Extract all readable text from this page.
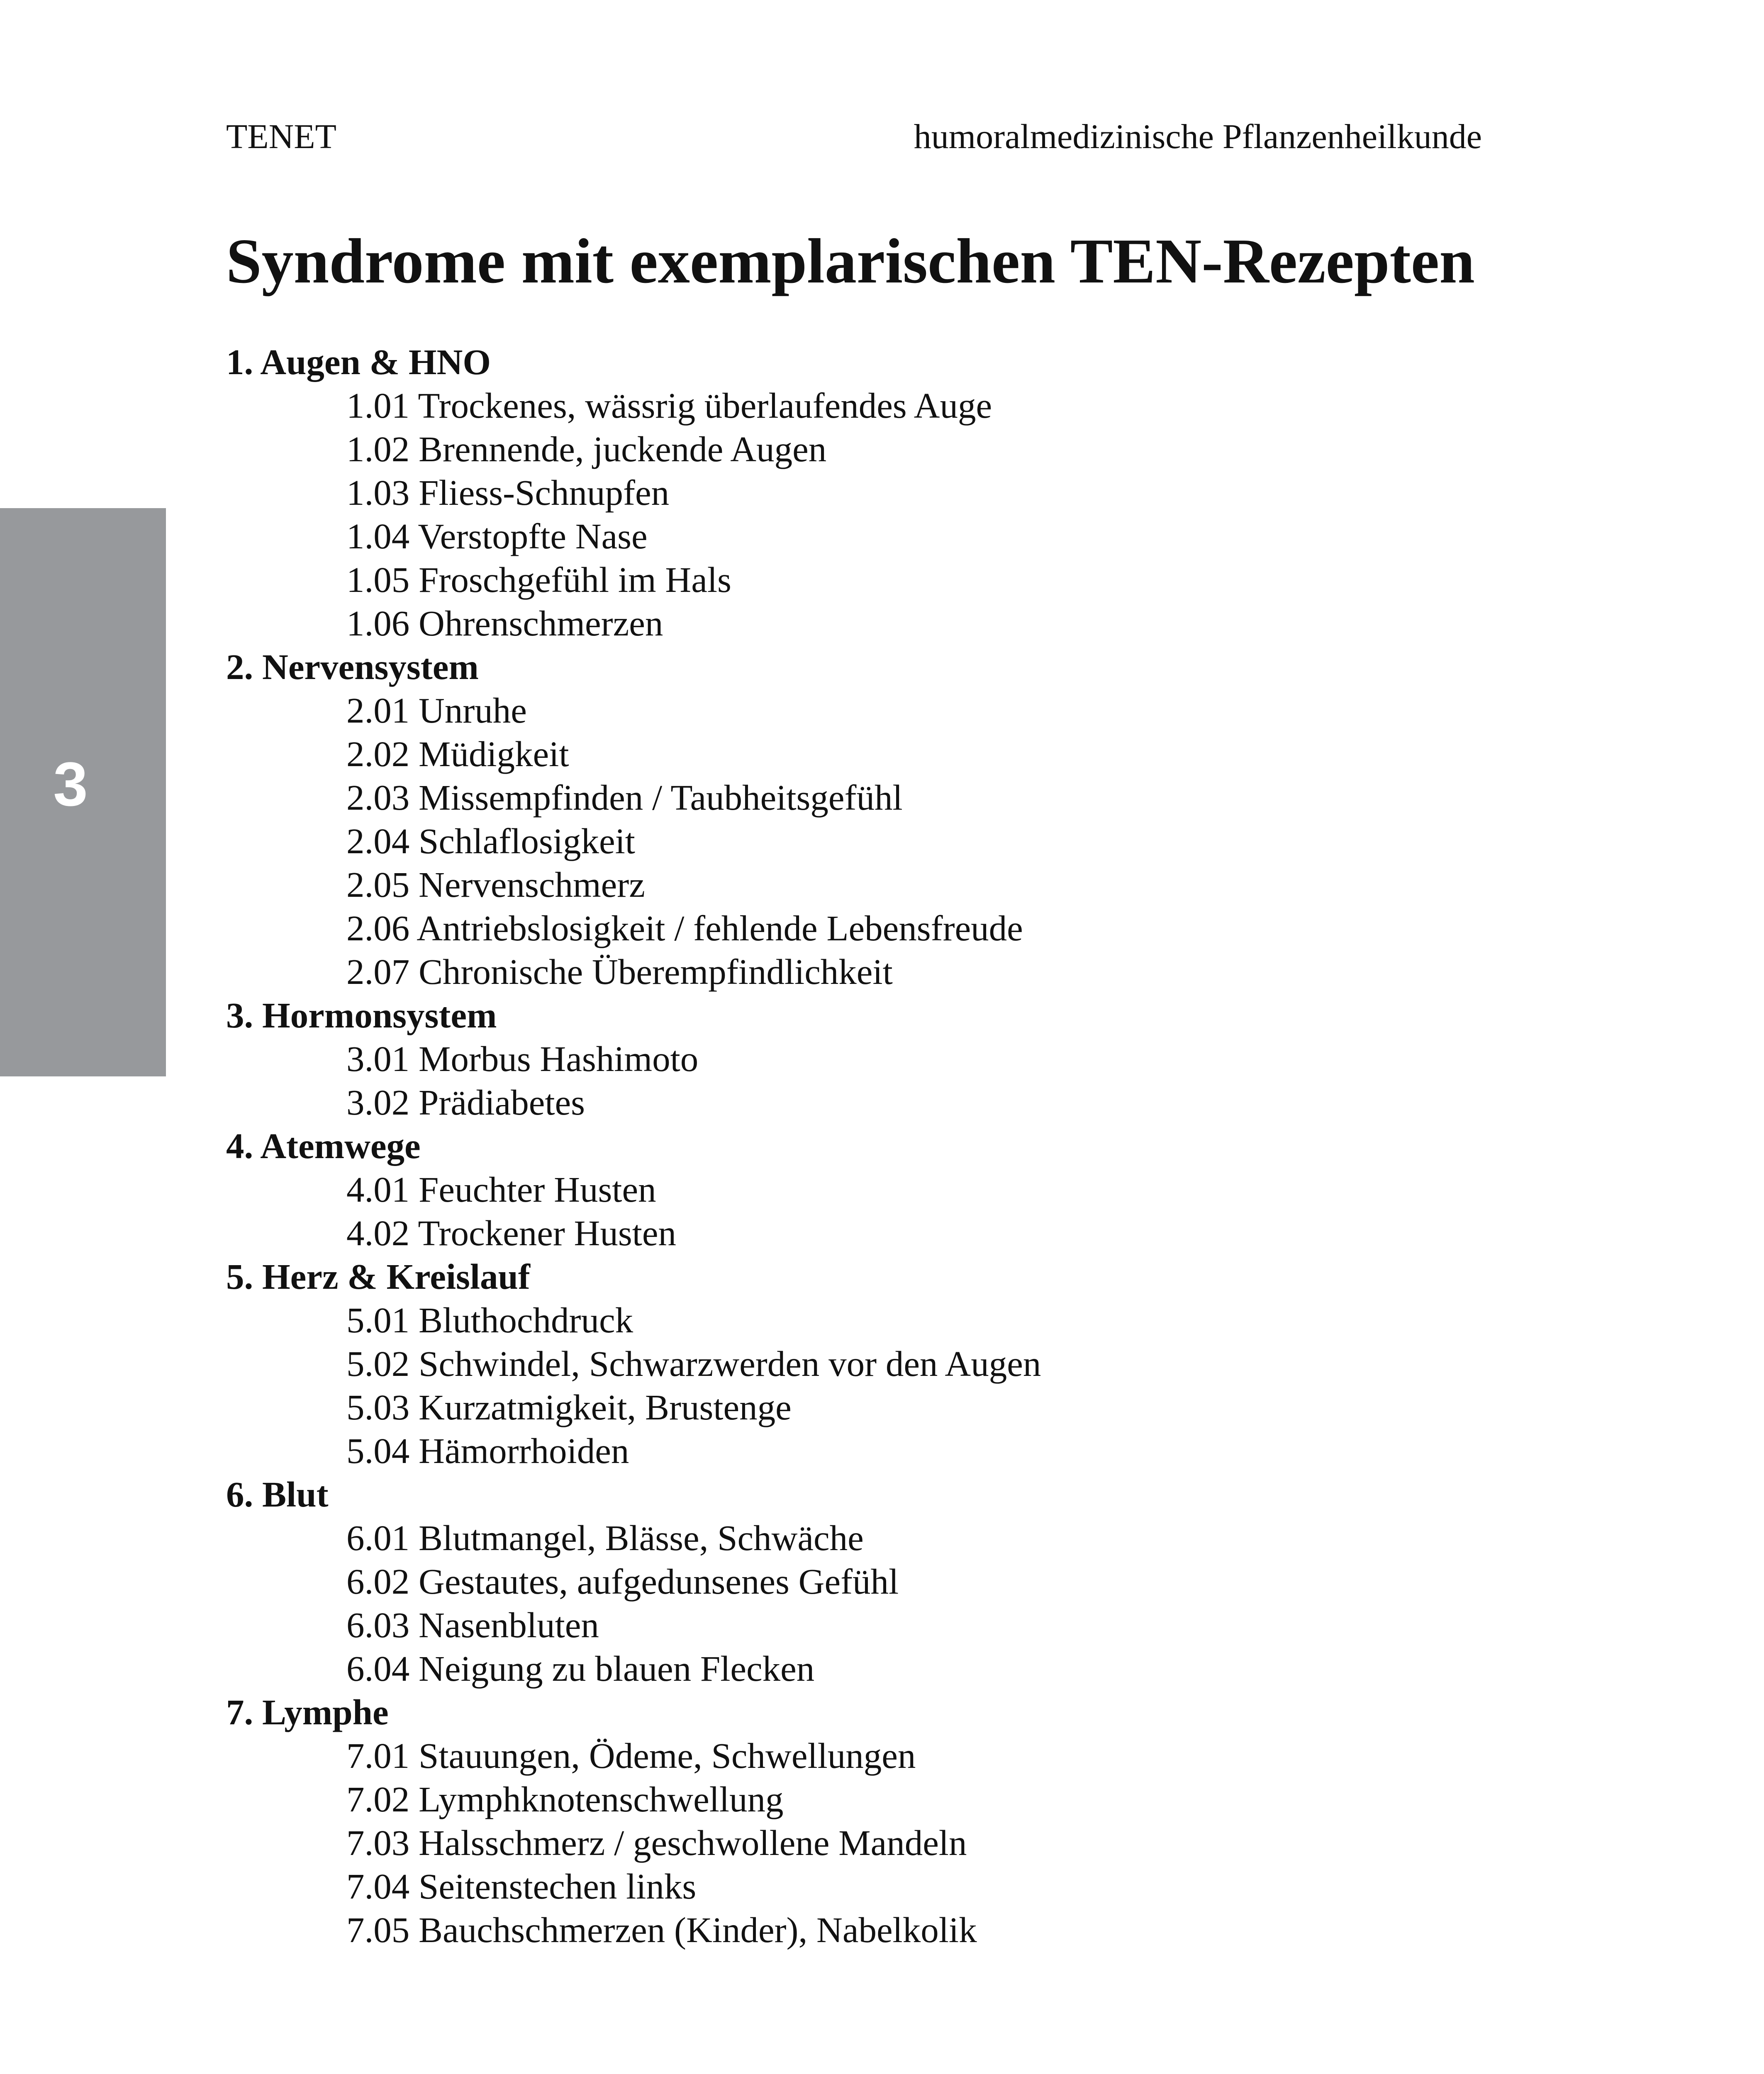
TENET	humoralmedizinische Pflanzenheilkunde
3
Syndrome mit exemplarischen TEN-Rezepten
1. Augen & HNO
1.01 Trockenes, wässrig überlaufendes Auge
1.02 Brennende, juckende Augen
1.03 Fliess-Schnupfen
1.04 Verstopfte Nase
1.05 Froschgefühl im Hals
1.06 Ohrenschmerzen
2. Nervensystem
2.01 Unruhe
2.02 Müdigkeit
2.03 Missempfinden / Taubheitsgefühl
2.04 Schlaflosigkeit
2.05 Nervenschmerz
2.06 Antriebslosigkeit / fehlende Lebensfreude
2.07 Chronische Überempfindlichkeit
3. Hormonsystem
3.01 Morbus Hashimoto
3.02 Prädiabetes
4. Atemwege
4.01 Feuchter Husten
4.02 Trockener Husten
5. Herz & Kreislauf
5.01 Bluthochdruck
5.02 Schwindel, Schwarzwerden vor den Augen
5.03 Kurzatmigkeit, Brustenge
5.04 Hämorrhoiden
6. Blut
6.01 Blutmangel, Blässe, Schwäche
6.02 Gestautes, aufgedunsenes Gefühl
6.03 Nasenbluten
6.04 Neigung zu blauen Flecken
7. Lymphe
7.01 Stauungen, Ödeme, Schwellungen
7.02 Lymphknotenschwellung
7.03 Halsschmerz / geschwollene Mandeln
7.04 Seitenstechen links
7.05 Bauchschmerzen (Kinder), Nabelkolik
